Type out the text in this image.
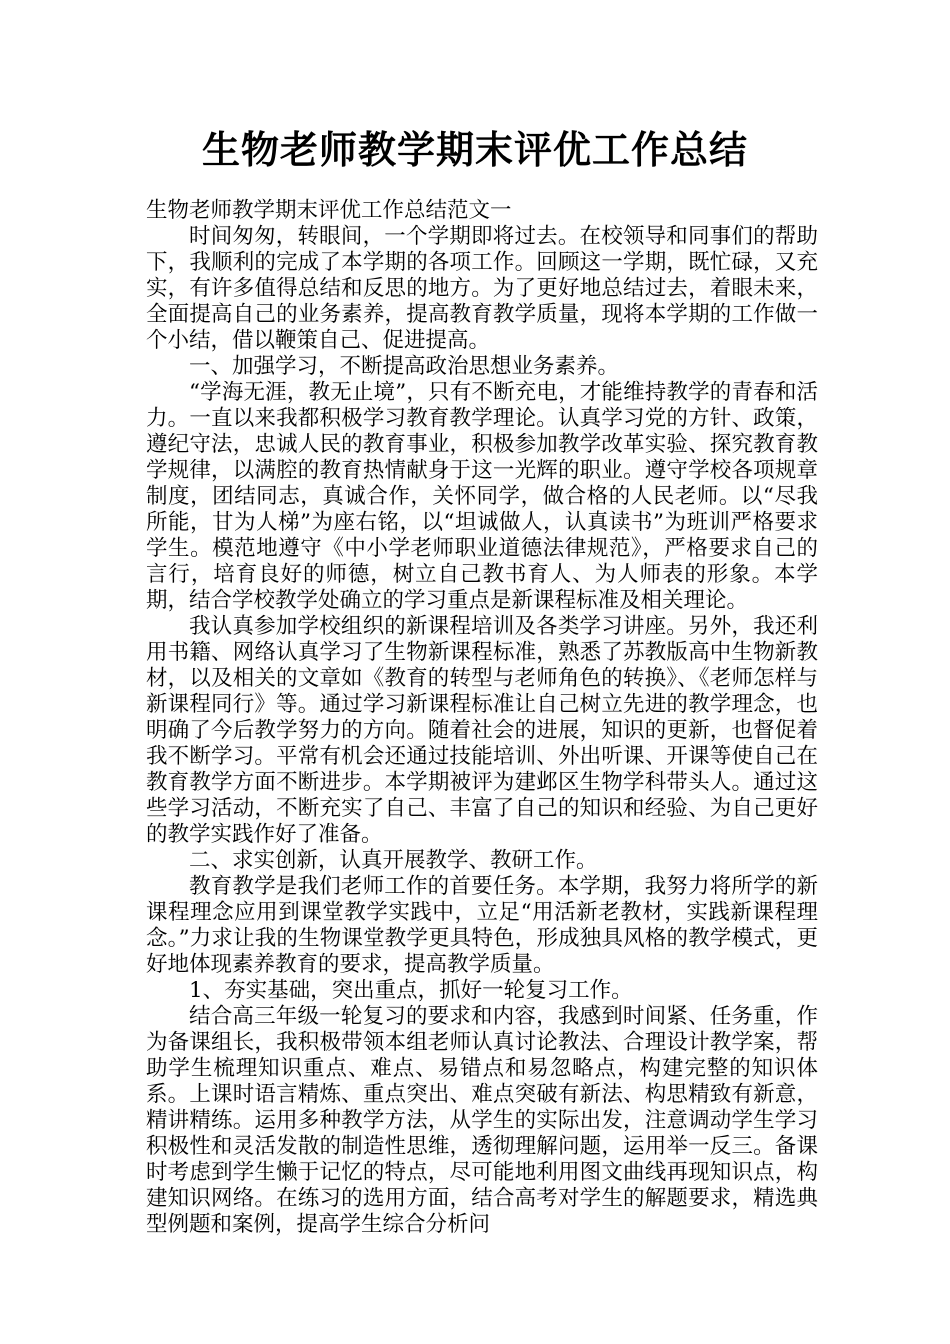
生物老师教学期末评优工作总结

生物老师教学期末评优工作总结范文一

时间匆匆，转眼间，一个学期即将过去。在校领导和同事们的帮助下，我顺利的完成了本学期的各项工作。回顾这一学期，既忙碌，又充实，有许多值得总结和反思的地方。为了更好地总结过去，着眼未来，全面提高自己的业务素养，提高教育教学质量，现将本学期的工作做一个小结，借以鞭策自己、促进提高。

一、加强学习，不断提高政治思想业务素养。

“学海无涯，教无止境”，只有不断充电，才能维持教学的青春和活力。一直以来我都积极学习教育教学理论。认真学习党的方针、政策，遵纪守法，忠诚人民的教育事业，积极参加教学改革实验、探究教育教学规律，以满腔的教育热情献身于这一光辉的职业。遵守学校各项规章制度，团结同志，真诚合作，关怀同学，做合格的人民老师。以“尽我所能，甘为人梯”为座右铭，以“坦诚做人，认真读书”为班训严格要求学生。模范地遵守《中小学老师职业道德法律规范》，严格要求自己的言行，培育良好的师德，树立自己教书育人、为人师表的形象。本学期，结合学校教学处确立的学习重点是新课程标准及相关理论。

我认真参加学校组织的新课程培训及各类学习讲座。另外，我还利用书籍、网络认真学习了生物新课程标准，熟悉了苏教版高中生物新教材，以及相关的文章如《教育的转型与老师角色的转换》、《老师怎样与新课程同行》等。通过学习新课程标准让自己树立先进的教学理念，也明确了今后教学努力的方向。随着社会的进展，知识的更新，也督促着我不断学习。平常有机会还通过技能培训、外出听课、开课等使自己在教育教学方面不断进步。本学期被评为建邺区生物学科带头人。通过这些学习活动，不断充实了自己、丰富了自己的知识和经验、为自己更好的教学实践作好了准备。

二、求实创新，认真开展教学、教研工作。

教育教学是我们老师工作的首要任务。本学期，我努力将所学的新课程理念应用到课堂教学实践中，立足“用活新老教材，实践新课程理念。”力求让我的生物课堂教学更具特色，形成独具风格的教学模式，更好地体现素养教育的要求，提高教学质量。

1、夯实基础，突出重点，抓好一轮复习工作。

结合高三年级一轮复习的要求和内容，我感到时间紧、任务重，作为备课组长，我积极带领本组老师认真讨论教法、合理设计教学案，帮助学生梳理知识重点、难点、易错点和易忽略点，构建完整的知识体系。上课时语言精炼、重点突出、难点突破有新法、构思精致有新意，精讲精练。运用多种教学方法，从学生的实际出发，注意调动学生学习积极性和灵活发散的制造性思维，透彻理解问题，运用举一反三。备课时考虑到学生懒于记忆的特点，尽可能地利用图文曲线再现知识点，构建知识网络。在练习的选用方面，结合高考对学生的解题要求，精选典型例题和案例，提高学生综合分析问
